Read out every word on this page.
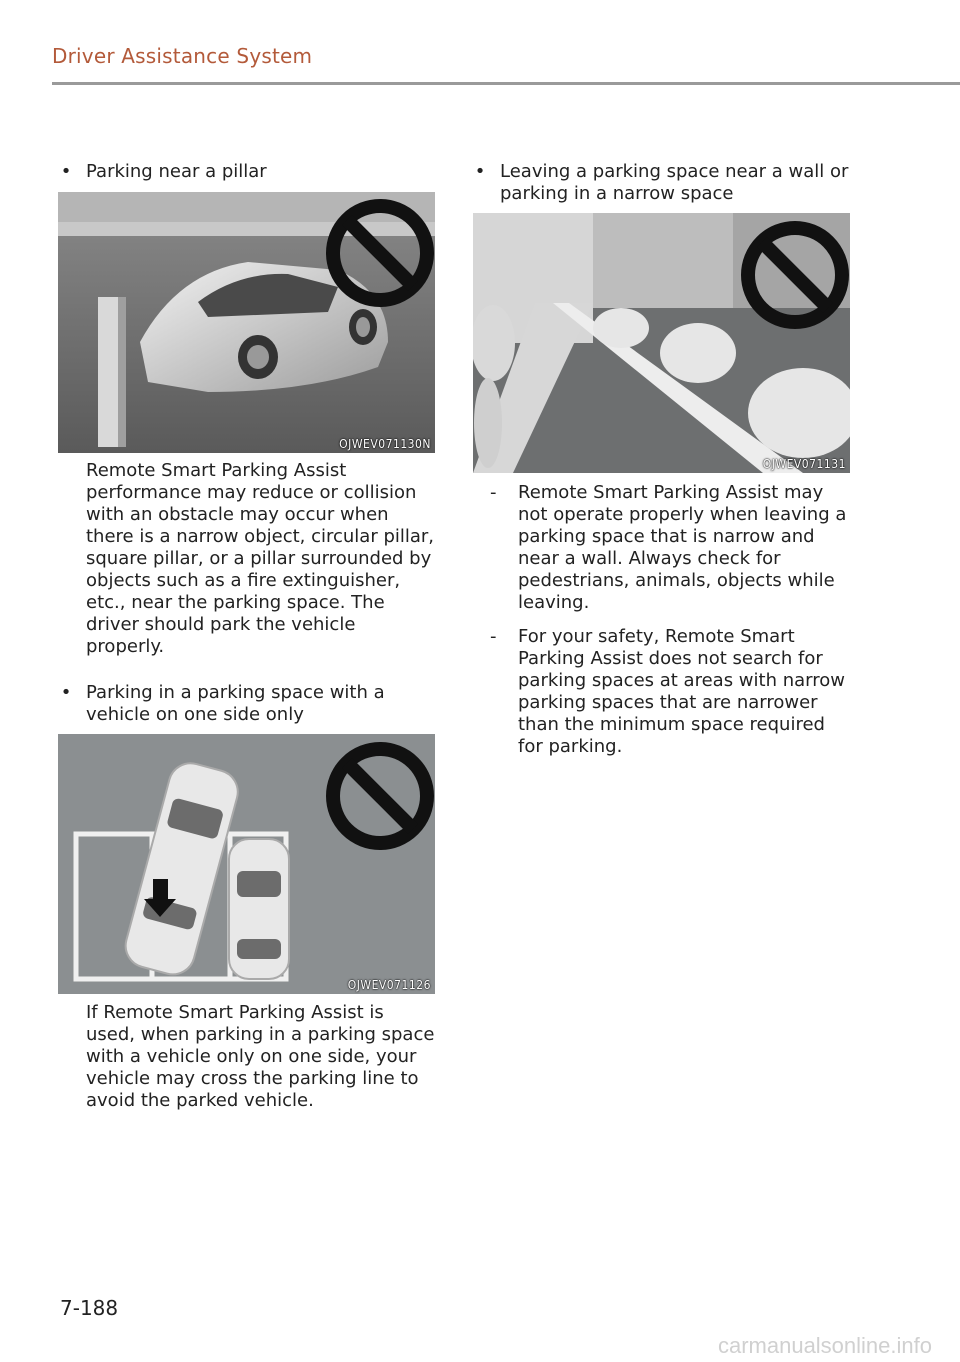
Driver Assistance System
• Parking near a pillar
OJWEV071130N
Remote Smart Parking Assist performance may reduce or collision with an obstacle may occur when there is a narrow object, circular pillar, square pillar, or a pillar surrounded by objects such as a fire extinguisher, etc., near the parking space. The driver should park the vehicle properly.
• Parking in a parking space with a vehicle on one side only
OJWEV071126
If Remote Smart Parking Assist is used, when parking in a parking space with a vehicle only on one side, your vehicle may cross the parking line to avoid the parked vehicle.
• Leaving a parking space near a wall or parking in a narrow space
OJWEV071131
- Remote Smart Parking Assist may not operate properly when leaving a parking space that is narrow and near a wall. Always check for pedestrians, animals, objects while leaving.
- For your safety, Remote Smart Parking Assist does not search for parking spaces at areas with narrow parking spaces that are narrower than the minimum space required for parking.
7-188
carmanualsonline.info
